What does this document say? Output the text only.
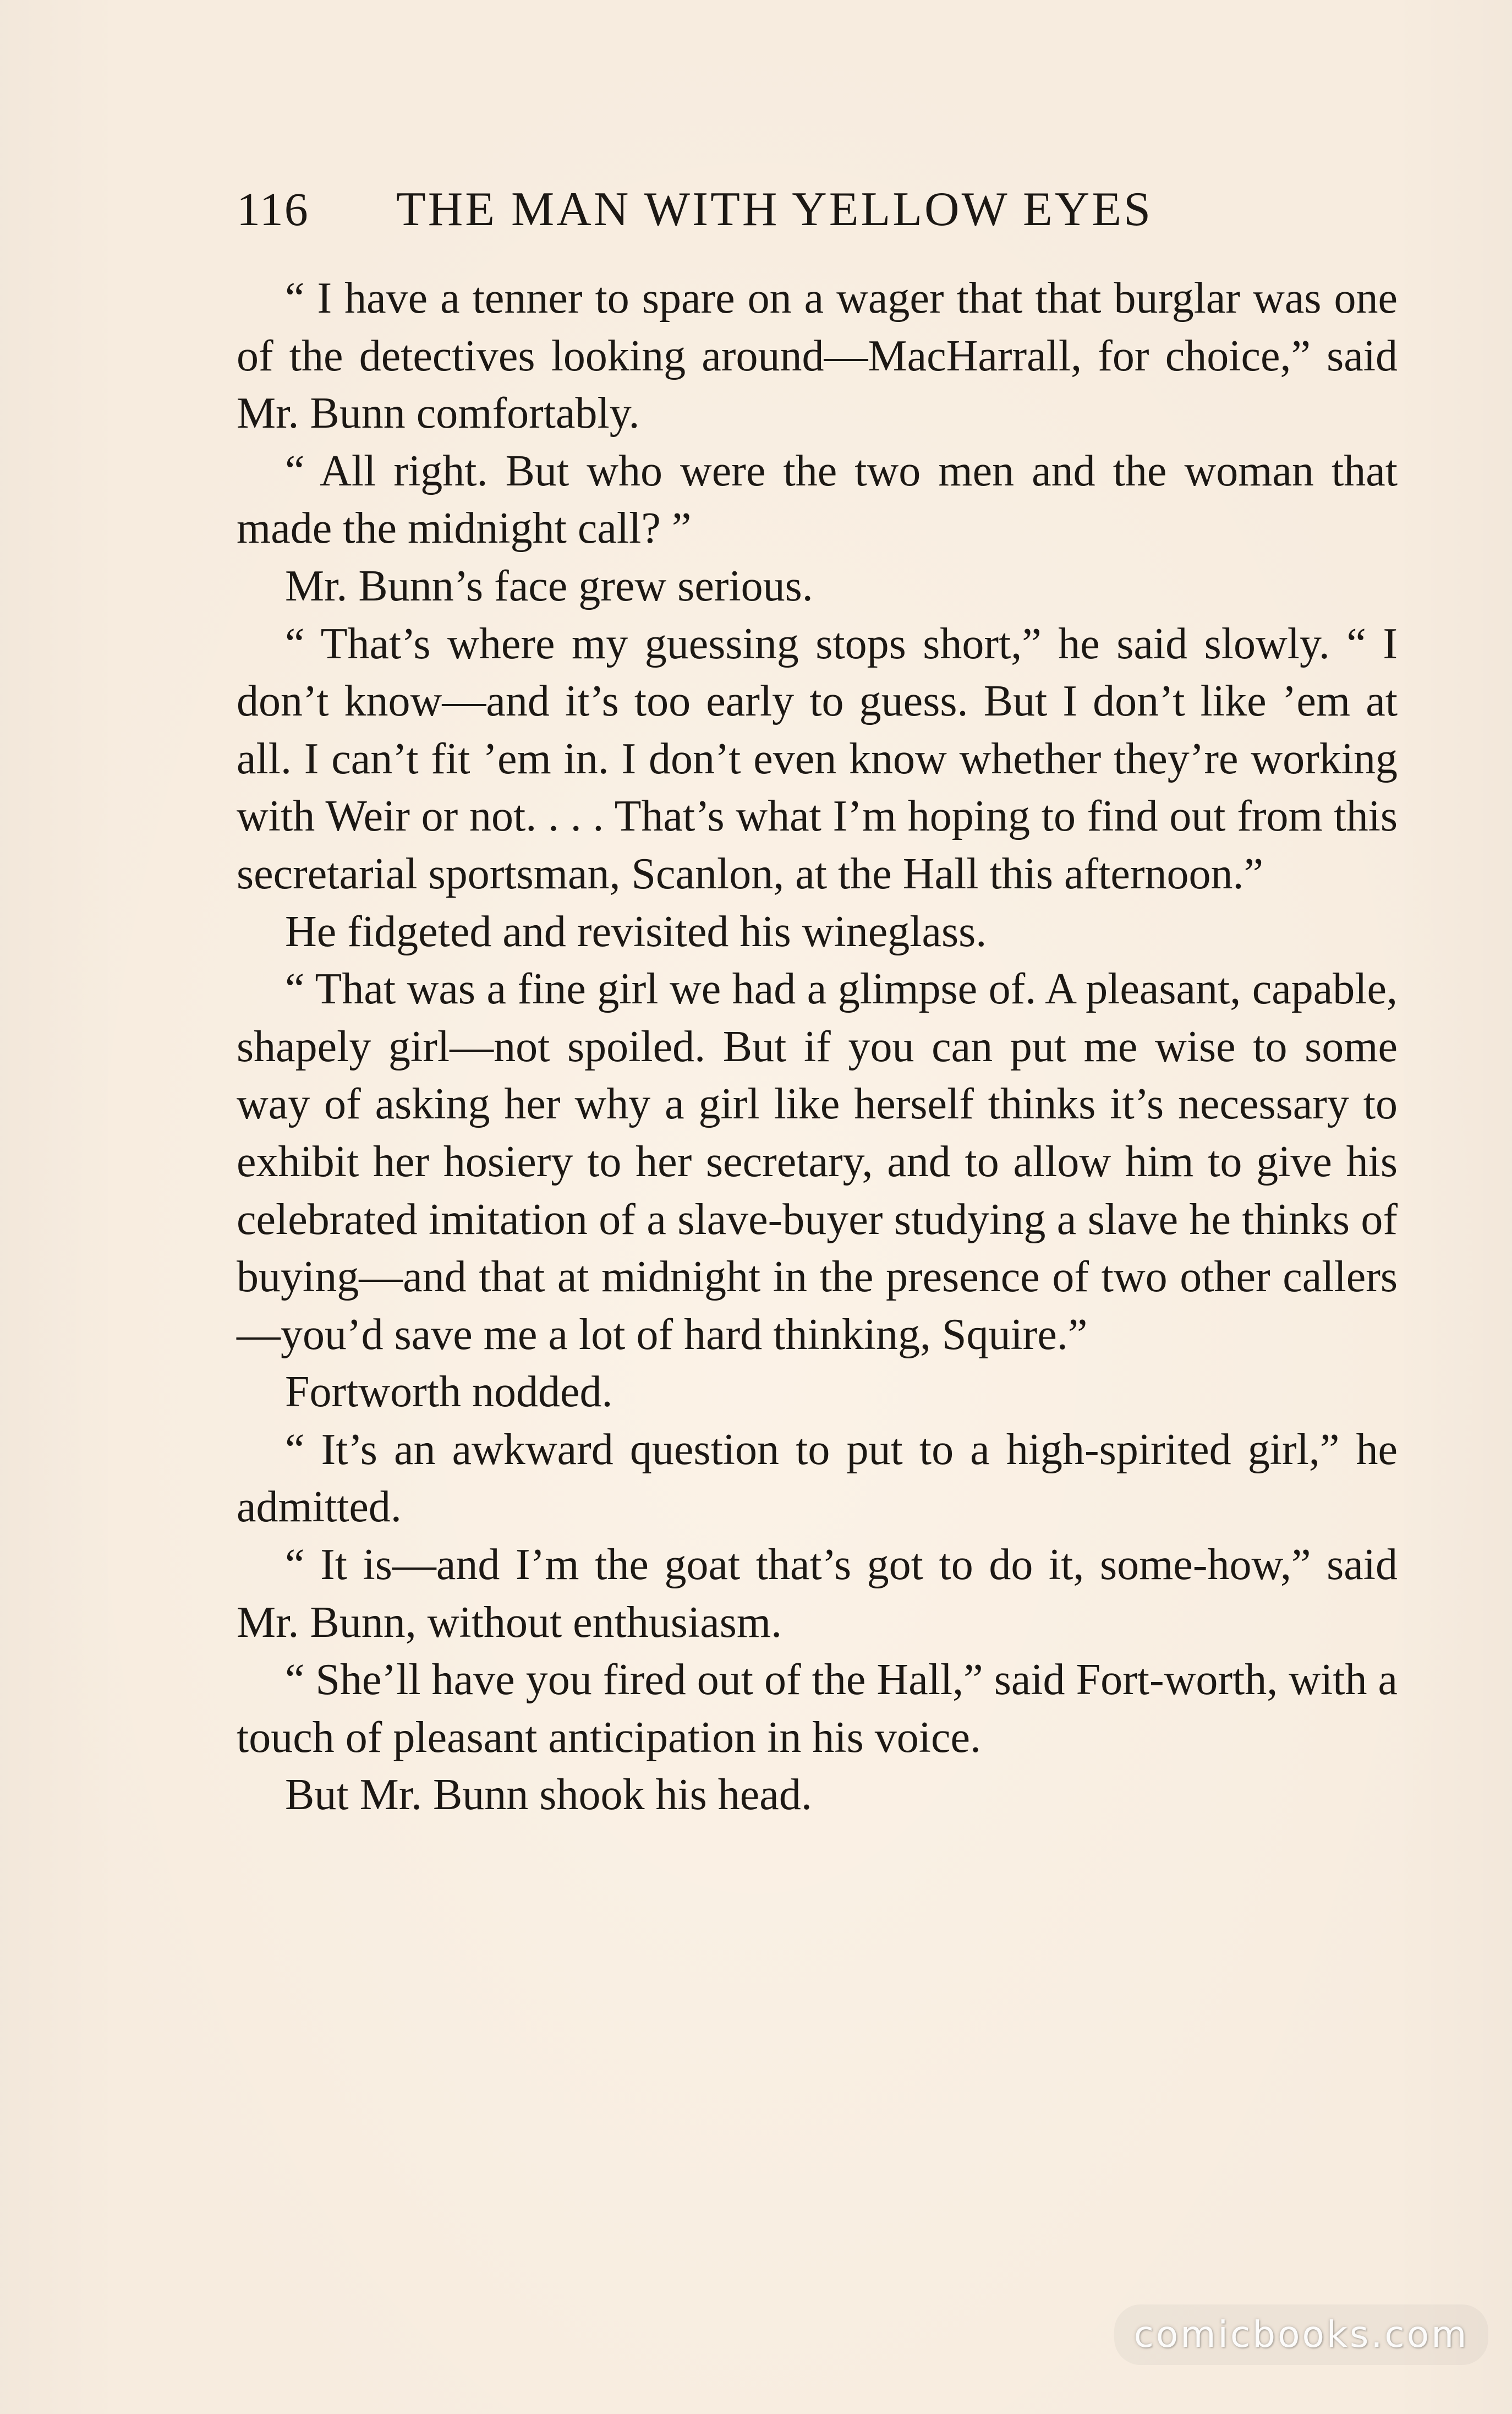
116	THE MAN WITH YELLOW EYES

“ I have a tenner to spare on a wager that that burglar was one of the detectives looking around—MacHarrall, for choice,” said Mr. Bunn comfortably.

“ All right. But who were the two men and the woman that made the midnight call? ”

Mr. Bunn’s face grew serious.

“ That’s where my guessing stops short,” he said slowly. “ I don’t know—and it’s too early to guess. But I don’t like ’em at all. I can’t fit ’em in. I don’t even know whether they’re working with Weir or not. . . . That’s what I’m hoping to find out from this secretarial sportsman, Scanlon, at the Hall this afternoon.”

He fidgeted and revisited his wineglass.

“ That was a fine girl we had a glimpse of. A pleasant, capable, shapely girl—not spoiled. But if you can put me wise to some way of asking her why a girl like herself thinks it’s necessary to exhibit her hosiery to her secretary, and to allow him to give his celebrated imitation of a slave-buyer studying a slave he thinks of buying—and that at midnight in the presence of two other callers—you’d save me a lot of hard thinking, Squire.”

Fortworth nodded.

“ It’s an awkward question to put to a high-spirited girl,” he admitted.

“ It is—and I’m the goat that’s got to do it, some-how,” said Mr. Bunn, without enthusiasm.

“ She’ll have you fired out of the Hall,” said Fort-worth, with a touch of pleasant anticipation in his voice.

But Mr. Bunn shook his head.

comicbooks.com
